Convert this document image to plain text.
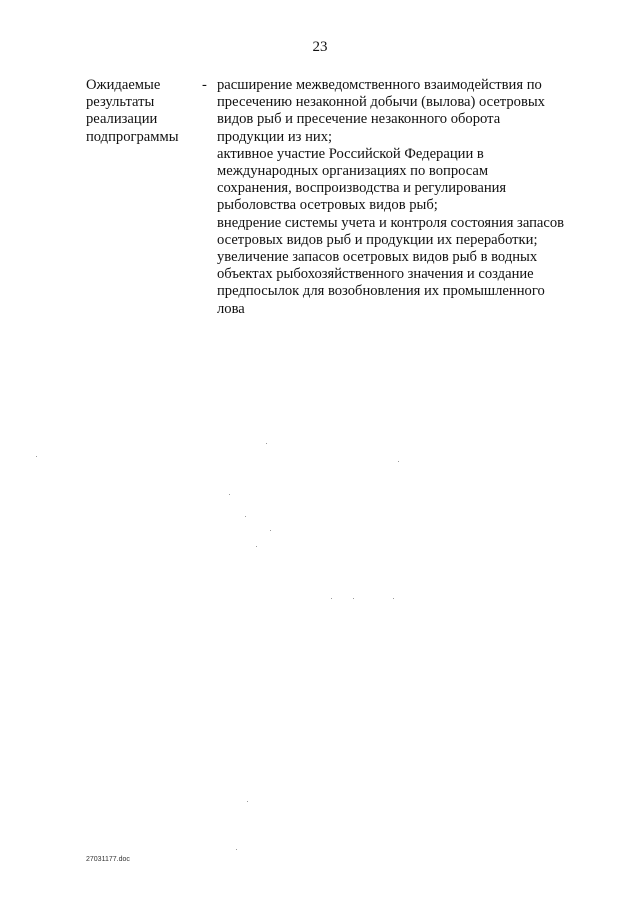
23
Ожидаемые
результаты
реализации
подпрограммы
- расширение межведомственного взаимодействия по пресечению незаконной добычи (вылова) осетровых видов рыб и пресечение незаконного оборота продукции из них;

активное участие Российской Федерации в международных организациях по вопросам сохранения, воспроизводства и регулирования рыболовства осетровых видов рыб;

внедрение системы учета и контроля состояния запасов осетровых видов рыб и продукции их переработки;

увеличение запасов осетровых видов рыб в водных объектах рыбохозяйственного значения и создание предпосылок для возобновления их промышленного лова

27031177.doc
